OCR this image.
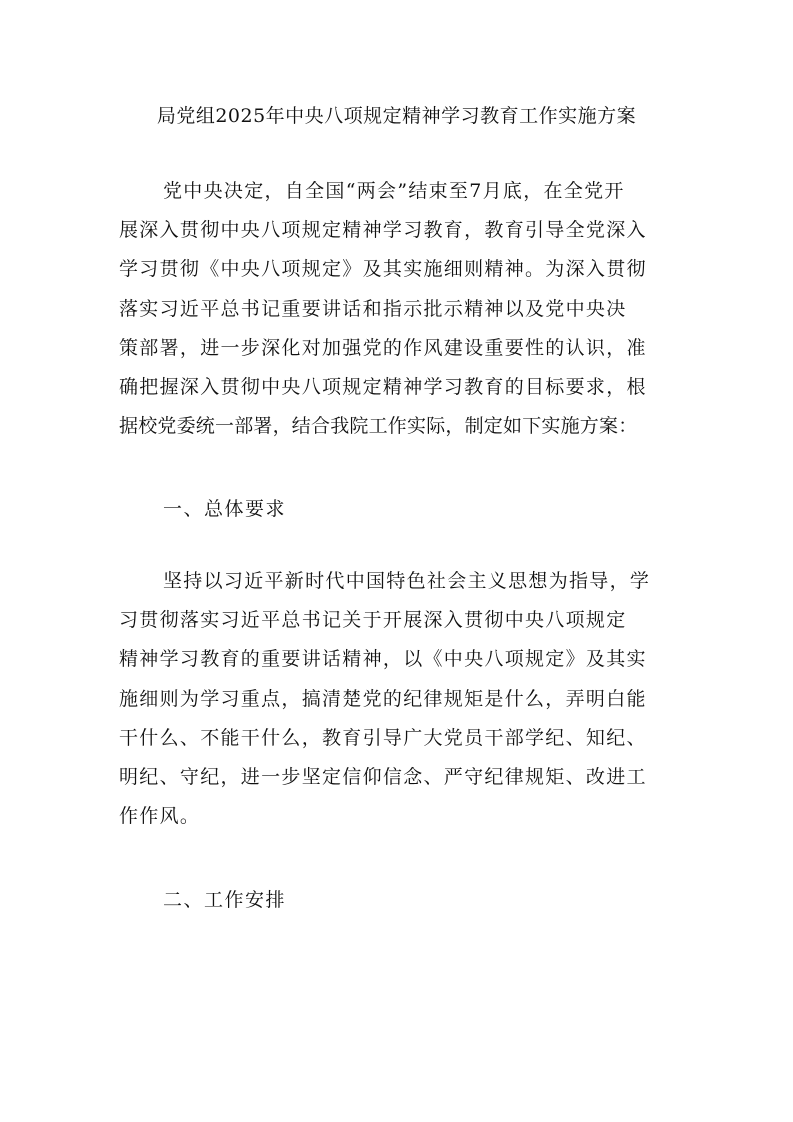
局党组2025年中央八项规定精神学习教育工作实施方案
党中央决定，自全国“两会”结束至7月底，在全党开
展深入贯彻中央八项规定精神学习教育，教育引导全党深入
学习贯彻《中央八项规定》及其实施细则精神。为深入贯彻
落实习近平总书记重要讲话和指示批示精神以及党中央决
策部署，进一步深化对加强党的作风建设重要性的认识，准
确把握深入贯彻中央八项规定精神学习教育的目标要求，根
据校党委统一部署，结合我院工作实际，制定如下实施方案：
一、总体要求
坚持以习近平新时代中国特色社会主义思想为指导，学
习贯彻落实习近平总书记关于开展深入贯彻中央八项规定
精神学习教育的重要讲话精神，以《中央八项规定》及其实
施细则为学习重点，搞清楚党的纪律规矩是什么，弄明白能
干什么、不能干什么，教育引导广大党员干部学纪、知纪、
明纪、守纪，进一步坚定信仰信念、严守纪律规矩、改进工
作作风。
二、工作安排
